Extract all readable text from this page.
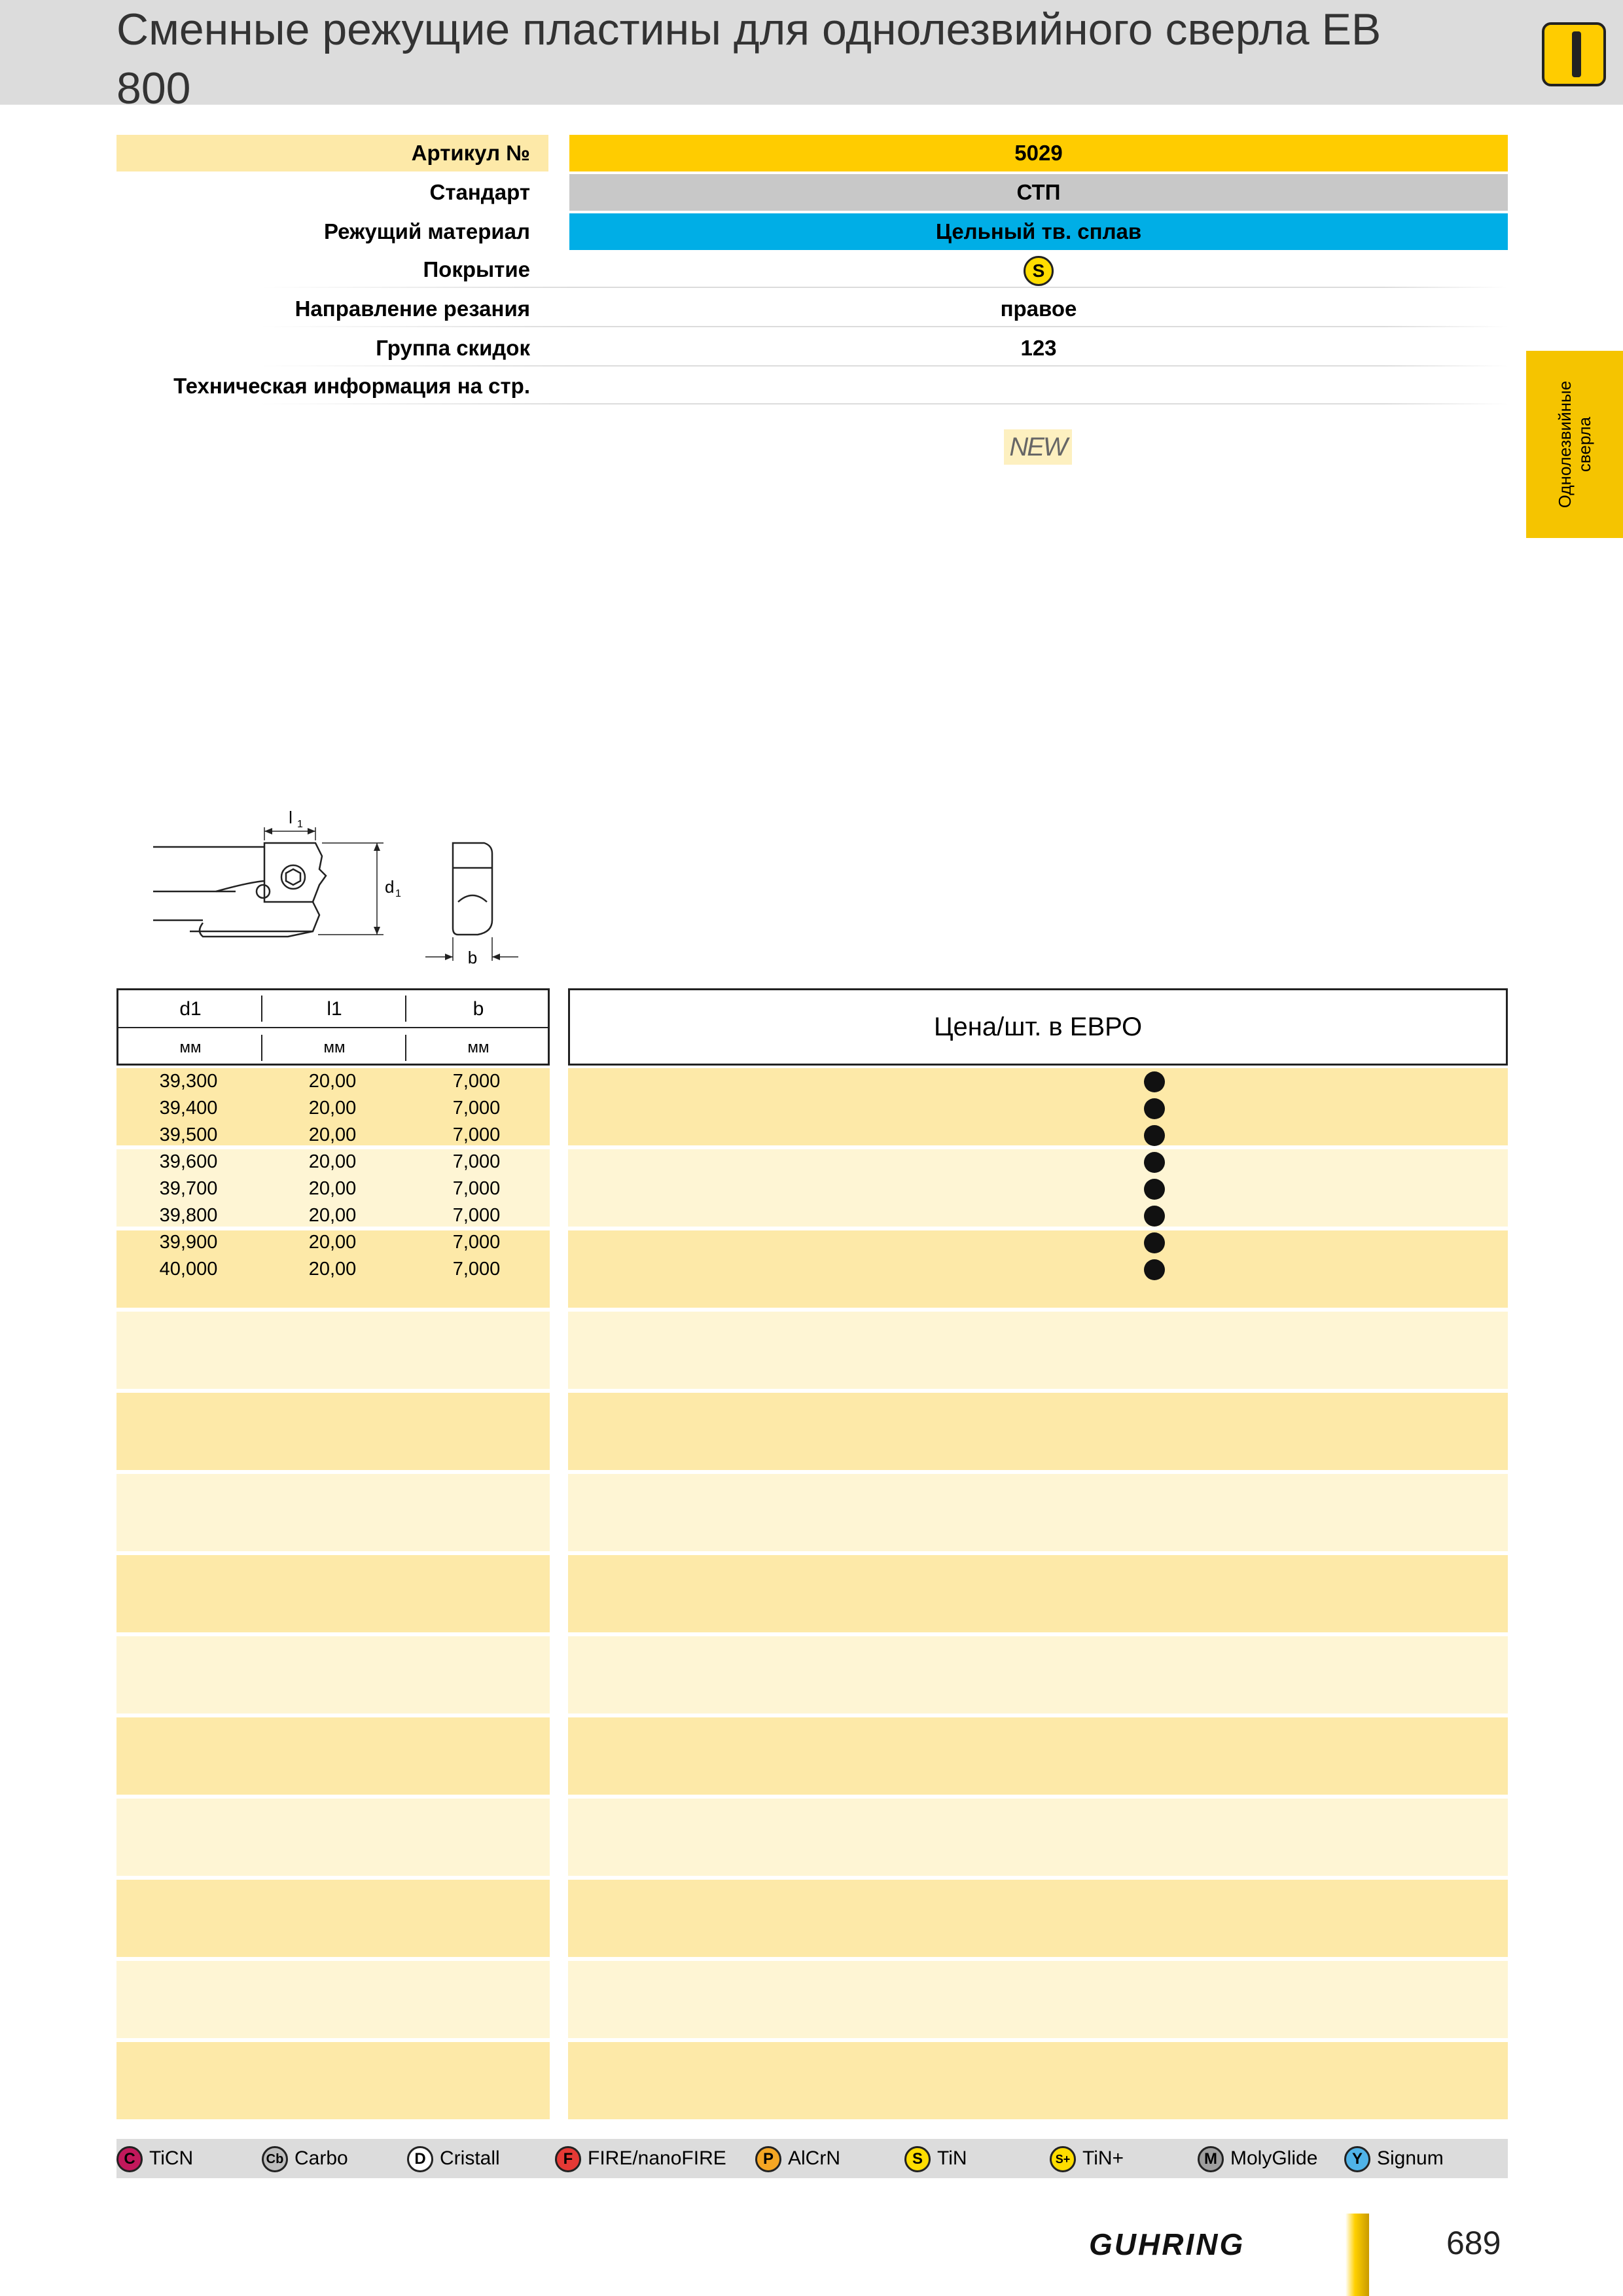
Сменные режущие пластины для однолезвийного сверла EB 800
Артикул №	5029
Стандарт	СТП
Режущий материал	Цельный тв. сплав
Покрытие	S
Направление резания	правое
Группа скидок	123
Техническая информация на стр.
NEW	Однолезвийные сверла
l 1
d 1
b
d1	l1	b
мм	мм	мм
Цена/шт. в ЕВРО
39,300	20,00	7,000
39,400	20,00	7,000
39,500	20,00	7,000
39,600	20,00	7,000
39,700	20,00	7,000
39,800	20,00	7,000
39,900	20,00	7,000
40,000	20,00	7,000
C TiCN	Cb Carbo	D Cristall	F FIRE/nanoFIRE	P AlCrN	S TiN	S+ TiN+	M MolyGlide	Y Signum
GUHRING	689
